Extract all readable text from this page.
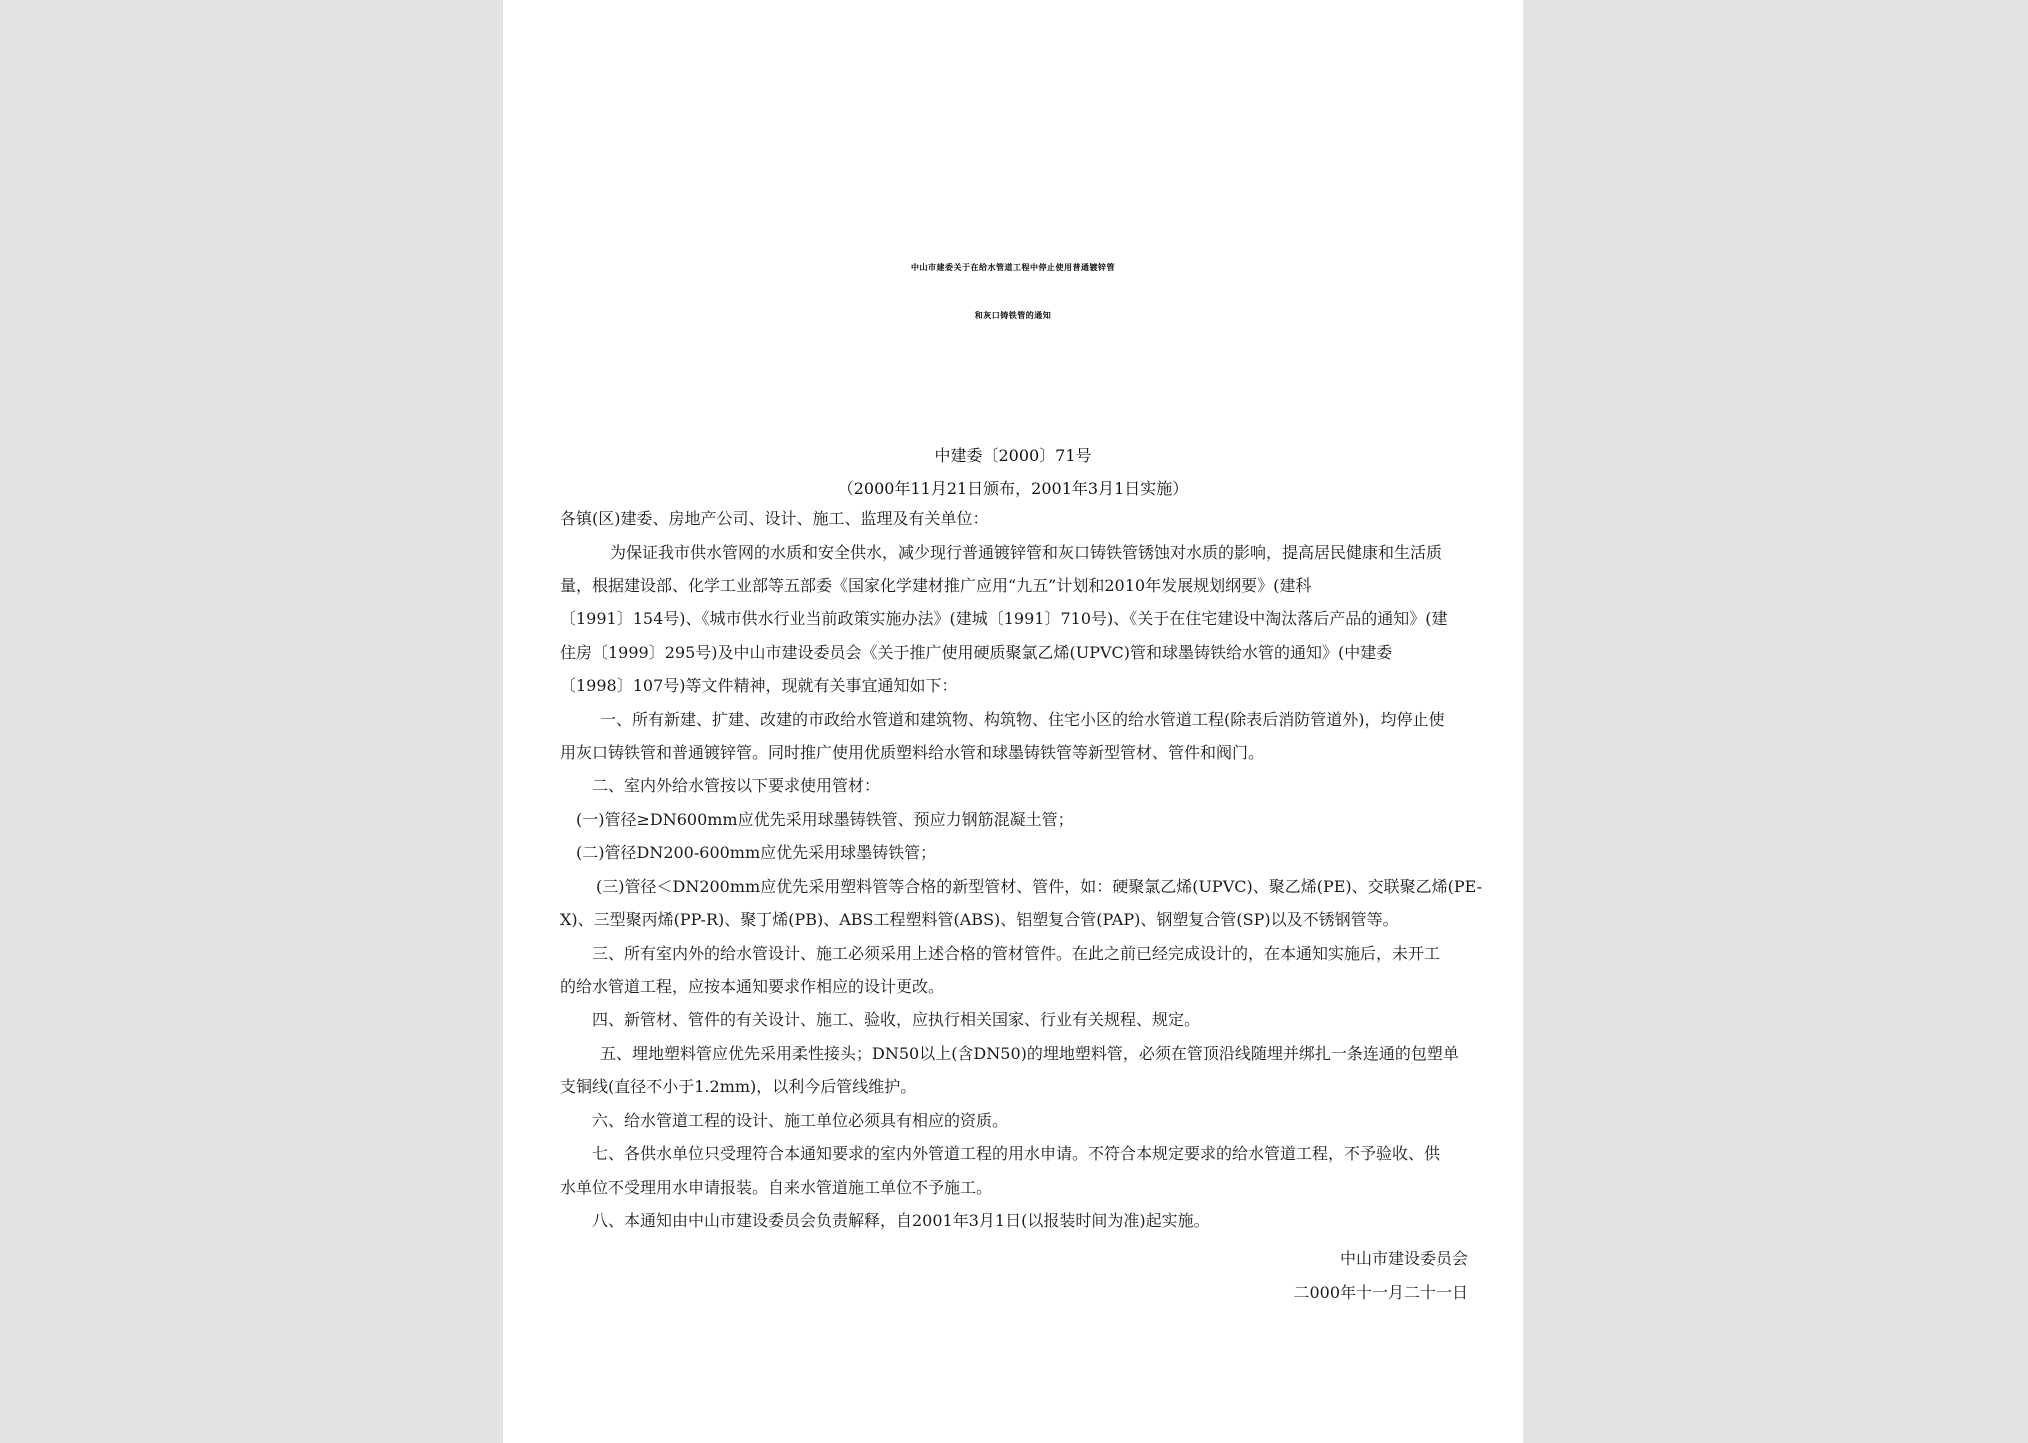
中山市建委关于在给水管道工程中停止使用普通镀锌管
和灰口铸铁管的通知
中建委〔2000〕71号
（2000年11月21日颁布，2001年3月1日实施）
各镇(区)建委、房地产公司、设计、施工、监理及有关单位：
为保证我市供水管网的水质和安全供水，减少现行普通镀锌管和灰口铸铁管锈蚀对水质的影响，提高居民健康和生活质
量，根据建设部、化学工业部等五部委《国家化学建材推广应用“九五”计划和2010年发展规划纲要》(建科
〔1991〕154号)、《城市供水行业当前政策实施办法》(建城〔1991〕710号)、《关于在住宅建设中淘汰落后产品的通知》(建
住房〔1999〕295号)及中山市建设委员会《关于推广使用硬质聚氯乙烯(UPVC)管和球墨铸铁给水管的通知》(中建委
〔1998〕107号)等文件精神，现就有关事宜通知如下：
一、所有新建、扩建、改建的市政给水管道和建筑物、构筑物、住宅小区的给水管道工程(除表后消防管道外)，均停止使
用灰口铸铁管和普通镀锌管。同时推广使用优质塑料给水管和球墨铸铁管等新型管材、管件和阀门。
二、室内外给水管按以下要求使用管材：
(一)管径≥DN600mm应优先采用球墨铸铁管、预应力钢筋混凝土管；
(二)管径DN200-600mm应优先采用球墨铸铁管；
(三)管径＜DN200mm应优先采用塑料管等合格的新型管材、管件，如：硬聚氯乙烯(UPVC)、聚乙烯(PE)、交联聚乙烯(PE-
X)、三型聚丙烯(PP-R)、聚丁烯(PB)、ABS工程塑料管(ABS)、铝塑复合管(PAP)、钢塑复合管(SP)以及不锈钢管等。
三、所有室内外的给水管设计、施工必须采用上述合格的管材管件。在此之前已经完成设计的，在本通知实施后，未开工
的给水管道工程，应按本通知要求作相应的设计更改。
四、新管材、管件的有关设计、施工、验收，应执行相关国家、行业有关规程、规定。
五、埋地塑料管应优先采用柔性接头；DN50以上(含DN50)的埋地塑料管，必须在管顶沿线随埋并绑扎一条连通的包塑单
支铜线(直径不小于1.2mm)，以利今后管线维护。
六、给水管道工程的设计、施工单位必须具有相应的资质。
七、各供水单位只受理符合本通知要求的室内外管道工程的用水申请。不符合本规定要求的给水管道工程，不予验收、供
水单位不受理用水申请报装。自来水管道施工单位不予施工。
八、本通知由中山市建设委员会负责解释，自2001年3月1日(以报装时间为准)起实施。
中山市建设委员会
二000年十一月二十一日
